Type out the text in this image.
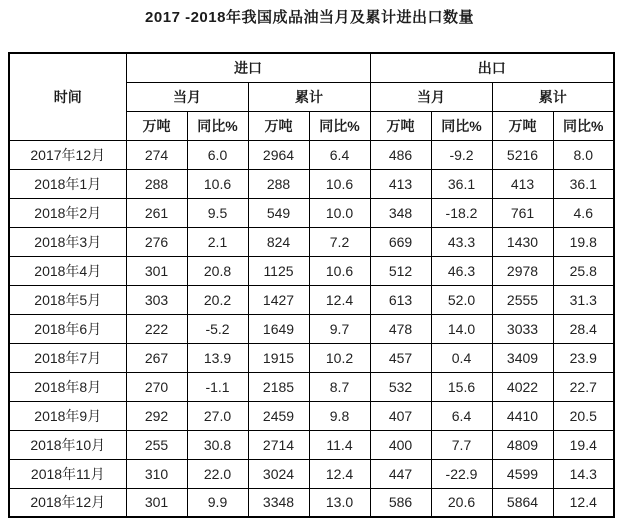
2017 -2018年我国成品油当月及累计进出口数量
时间	进口				出口			
	当月		累计		当月		累计	
	万吨	同比%	万吨	同比%	万吨	同比%	万吨	同比%
2017年12月	274	6.0	2964	6.4	486	-9.2	5216	8.0
2018年1月	288	10.6	288	10.6	413	36.1	413	36.1
2018年2月	261	9.5	549	10.0	348	-18.2	761	4.6
2018年3月	276	2.1	824	7.2	669	43.3	1430	19.8
2018年4月	301	20.8	1125	10.6	512	46.3	2978	25.8
2018年5月	303	20.2	1427	12.4	613	52.0	2555	31.3
2018年6月	222	-5.2	1649	9.7	478	14.0	3033	28.4
2018年7月	267	13.9	1915	10.2	457	0.4	3409	23.9
2018年8月	270	-1.1	2185	8.7	532	15.6	4022	22.7
2018年9月	292	27.0	2459	9.8	407	6.4	4410	20.5
2018年10月	255	30.8	2714	11.4	400	7.7	4809	19.4
2018年11月	310	22.0	3024	12.4	447	-22.9	4599	14.3
2018年12月	301	9.9	3348	13.0	586	20.6	5864	12.4
